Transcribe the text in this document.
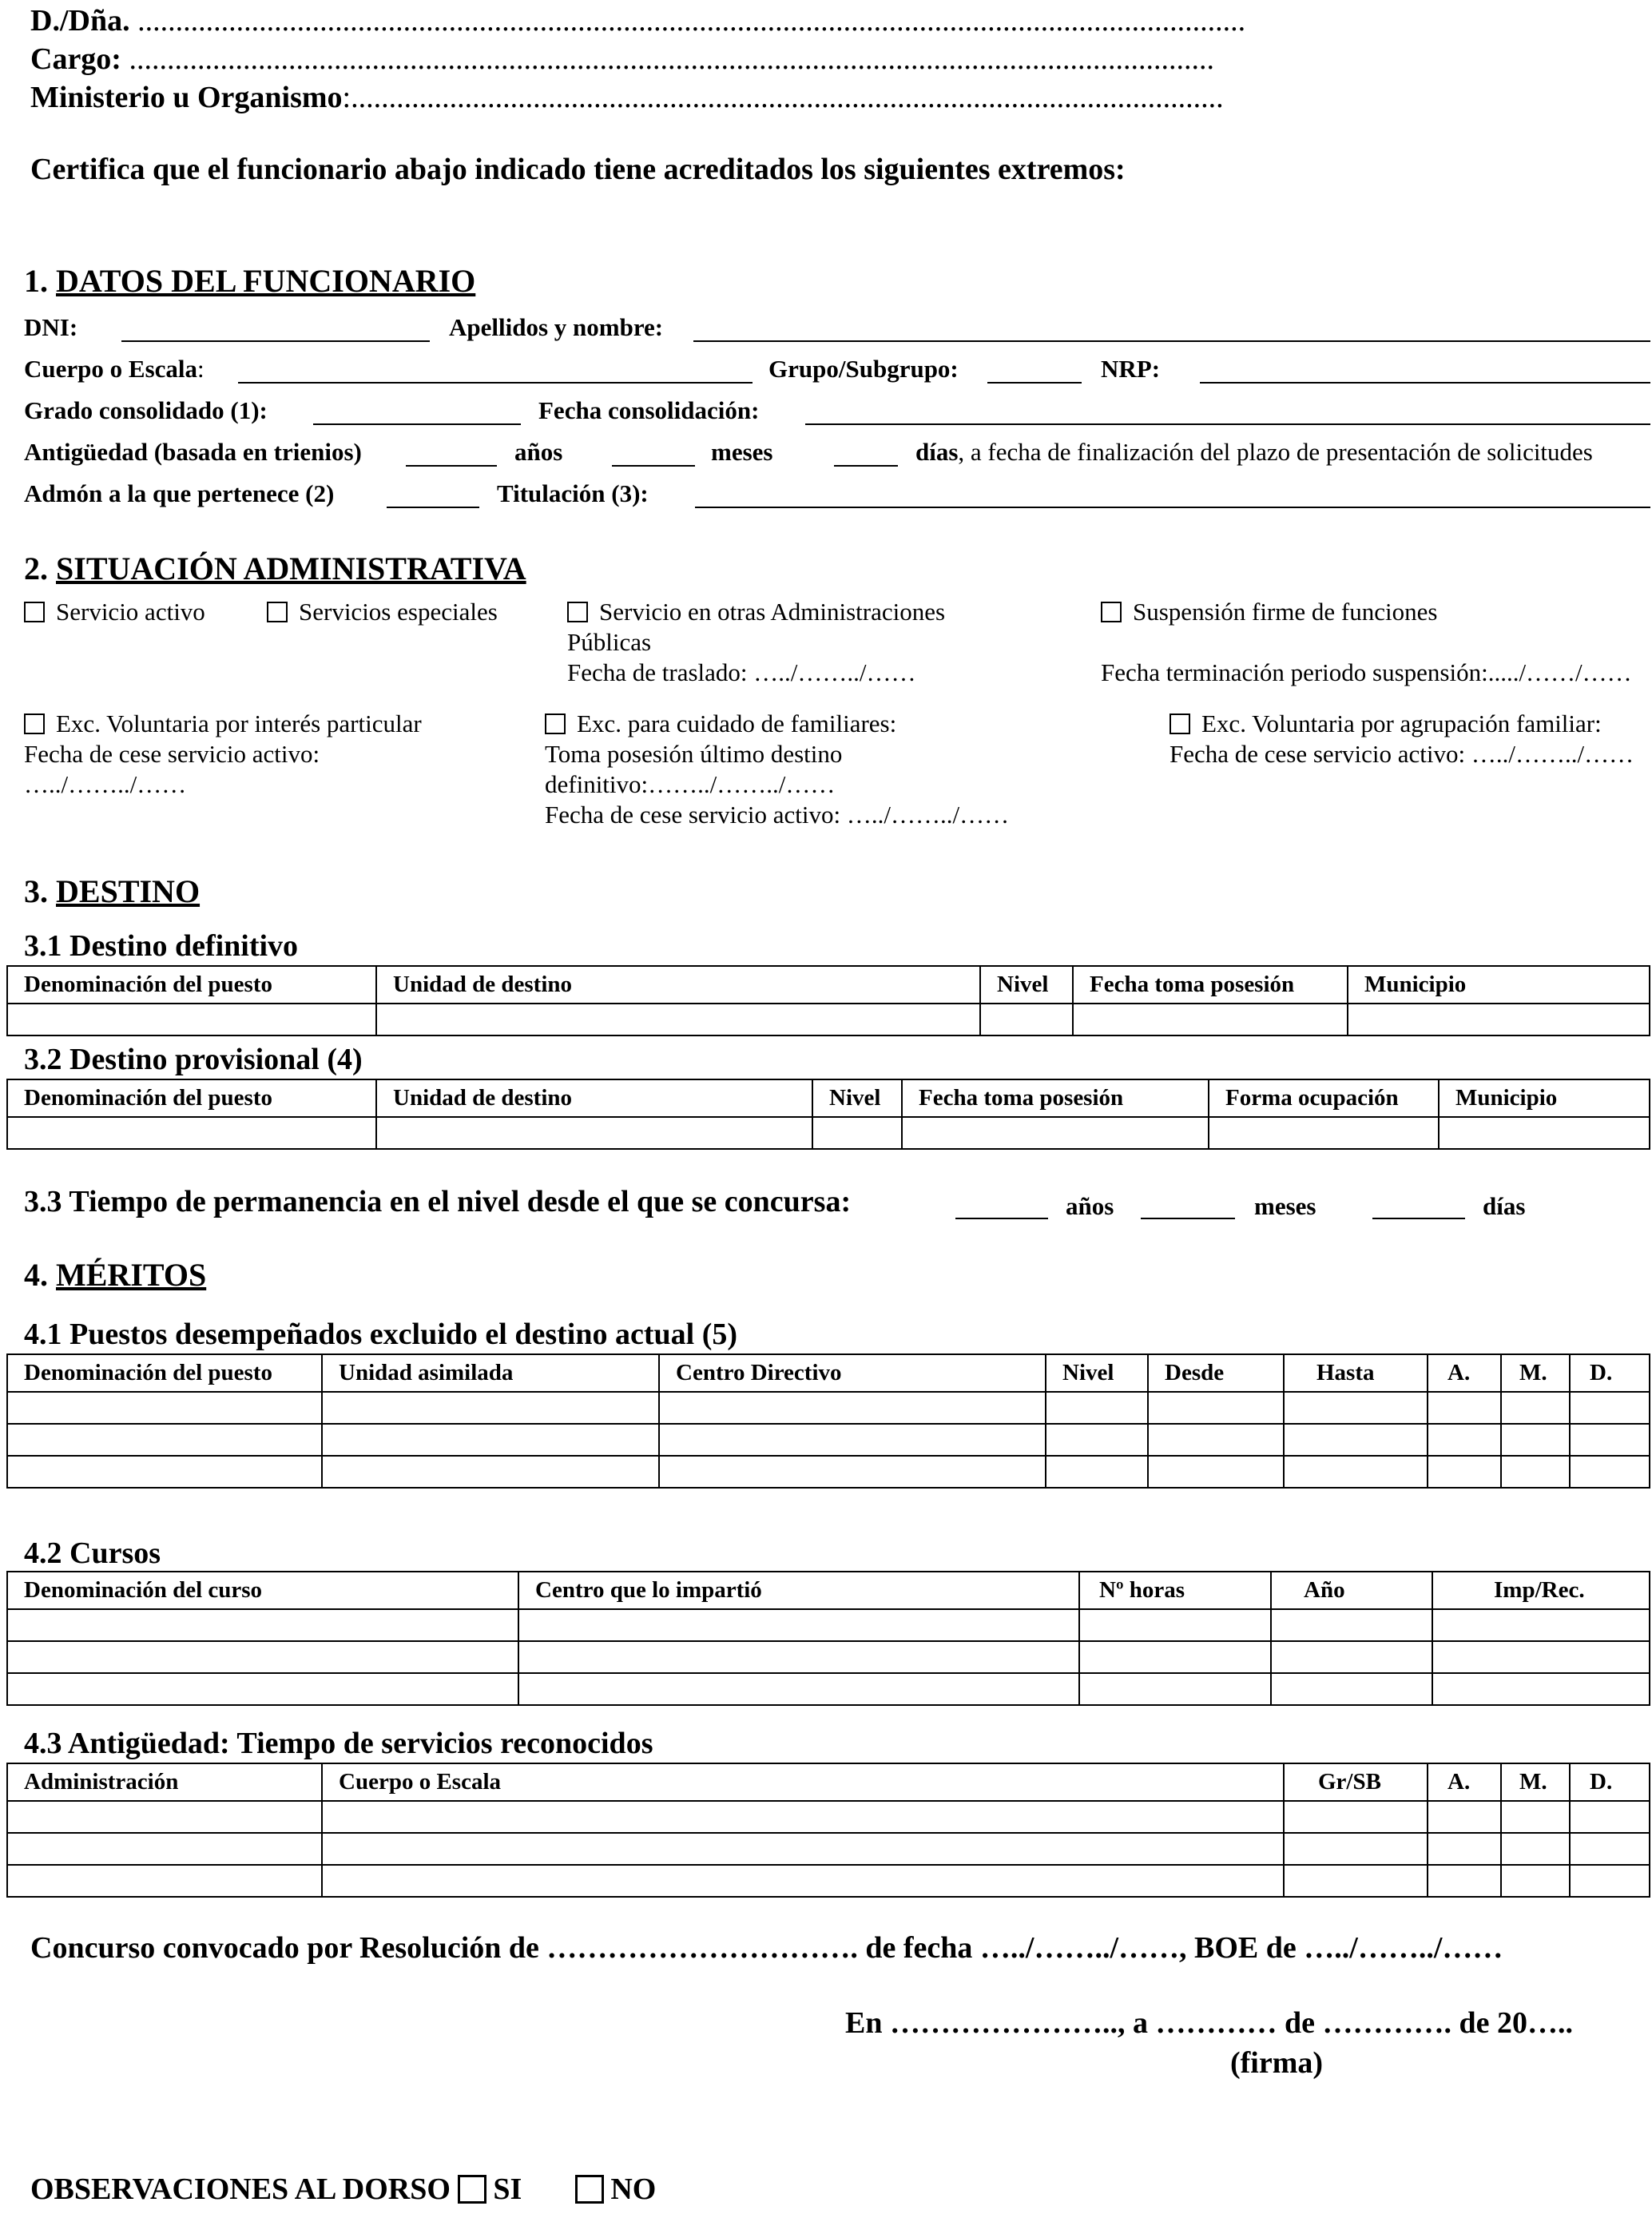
D./Dña. ..................................................................................................................................................
Cargo: ...............................................................................................................................................
Ministerio u Organismo:...................................................................................................................
Certifica que el funcionario abajo indicado tiene acreditados los siguientes extremos:
1. DATOS DEL FUNCIONARIO
DNI:	Apellidos y nombre:
Cuerpo o Escala:	Grupo/Subgrupo:	NRP:
Grado consolidado (1):	Fecha consolidación:
Antigüedad (basada en trienios)	años	meses	días, a fecha de finalización del plazo de presentación de solicitudes
Admón a la que pertenece (2)	Titulación (3):
2. SITUACIÓN ADMINISTRATIVA
Servicio activo	Servicios especiales	Servicio en otras Administraciones
Públicas
Fecha de traslado: …../……../……
Suspensión firme de funciones
Fecha terminación periodo suspensión:...../……/……
Exc. Voluntaria por interés particular
Fecha de cese servicio activo:
…../……../……
Exc. para cuidado de familiares:
Toma posesión último destino
definitivo:……../……../……
Fecha de cese servicio activo: …../……../……
Exc. Voluntaria por agrupación familiar:
Fecha de cese servicio activo: …../……../……
3. DESTINO
3.1 Destino definitivo
Denominación del puesto	Unidad de destino	Nivel	Fecha toma posesión	Municipio

3.2 Destino provisional (4)
Denominación del puesto	Unidad de destino	Nivel	Fecha toma posesión	Forma ocupación	Municipio

3.3 Tiempo de permanencia en el nivel desde el que se concursa:	años	meses	días
4. MÉRITOS
4.1 Puestos desempeñados excluido el destino actual (5)
Denominación del puesto	Unidad asimilada	Centro Directivo	Nivel	Desde	Hasta	A.	M.	D.

4.2 Cursos
Denominación del curso	Centro que lo impartió	Nº horas	Año	Imp/Rec.

4.3 Antigüedad: Tiempo de servicios reconocidos
Administración	Cuerpo o Escala	Gr/SB	A.	M.	D.

Concurso convocado por Resolución de …………………………. de fecha …../……../……, BOE de …../……../……
En ………………….., a ………… de …………. de 20…..
(firma)
OBSERVACIONES AL DORSO SI	NO
